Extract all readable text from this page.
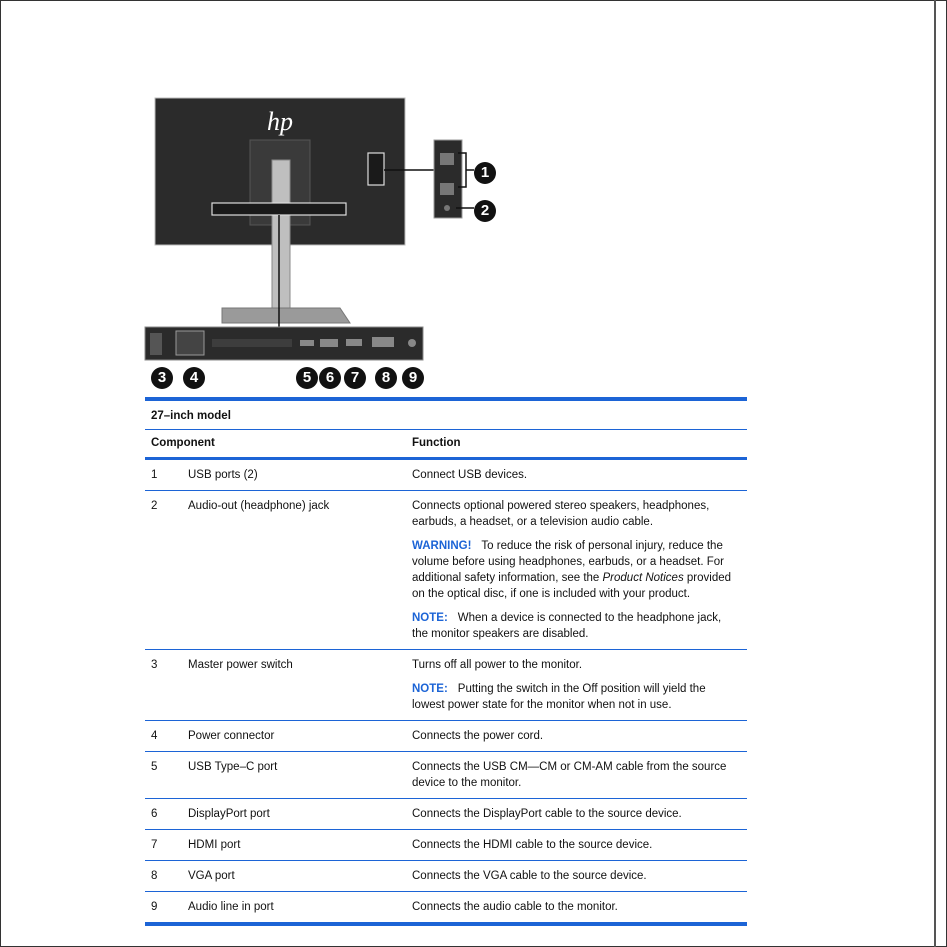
hp
1
2
3	4	5 6	7	8	9
27–inch model
Component	Function
1	USB ports (2)	Connect USB devices.

2	Audio-out (headphone) jack	Connects optional powered stereo speakers, headphones, earbuds, a headset, or a television audio cable.

WARNING! To reduce the risk of personal injury, reduce the volume before using headphones, earbuds, or a headset. For additional safety information, see the Product Notices provided on the optical disc, if one is included with your product.

NOTE: When a device is connected to the headphone jack, the monitor speakers are disabled.

3	Master power switch	Turns off all power to the monitor.

NOTE: Putting the switch in the Off position will yield the lowest power state for the monitor when not in use.

4	Power connector	Connects the power cord.

5	USB Type–C port	Connects the USB CM—CM or CM-AM cable from the source device to the monitor.

6	DisplayPort port	Connects the DisplayPort cable to the source device.

7	HDMI port	Connects the HDMI cable to the source device.

8	VGA port	Connects the VGA cable to the source device.

9	Audio line in port	Connects the audio cable to the monitor.
